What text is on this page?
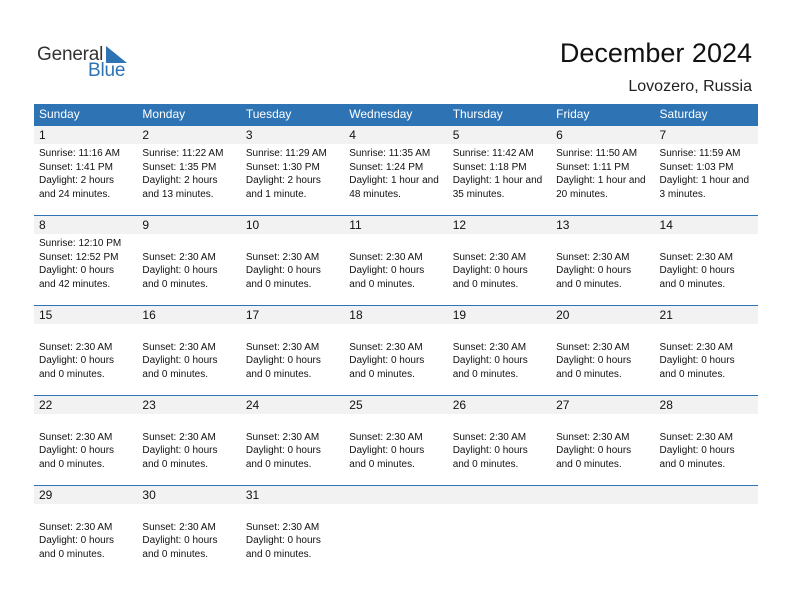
General
Blue
December 2024
Lovozero, Russia
Sunday	Monday	Tuesday	Wednesday	Thursday	Friday	Saturday
1	2	3	4	5	6	7
Sunrise: 11:16 AM
Sunset: 1:41 PM
Daylight: 2 hours
and 24 minutes.
Sunrise: 11:22 AM
Sunset: 1:35 PM
Daylight: 2 hours
and 13 minutes.
Sunrise: 11:29 AM
Sunset: 1:30 PM
Daylight: 2 hours
and 1 minute.
Sunrise: 11:35 AM
Sunset: 1:24 PM
Daylight: 1 hour and
48 minutes.
Sunrise: 11:42 AM
Sunset: 1:18 PM
Daylight: 1 hour and
35 minutes.
Sunrise: 11:50 AM
Sunset: 1:11 PM
Daylight: 1 hour and
20 minutes.
Sunrise: 11:59 AM
Sunset: 1:03 PM
Daylight: 1 hour and
3 minutes.
8	9	10	11	12	13	14
Sunrise: 12:10 PM
Sunset: 12:52 PM
Daylight: 0 hours
and 42 minutes.
Sunset: 2:30 AM
Daylight: 0 hours
and 0 minutes.
Sunset: 2:30 AM
Daylight: 0 hours
and 0 minutes.
Sunset: 2:30 AM
Daylight: 0 hours
and 0 minutes.
Sunset: 2:30 AM
Daylight: 0 hours
and 0 minutes.
Sunset: 2:30 AM
Daylight: 0 hours
and 0 minutes.
Sunset: 2:30 AM
Daylight: 0 hours
and 0 minutes.
15	16	17	18	19	20	21
Sunset: 2:30 AM
Daylight: 0 hours
and 0 minutes.
Sunset: 2:30 AM
Daylight: 0 hours
and 0 minutes.
Sunset: 2:30 AM
Daylight: 0 hours
and 0 minutes.
Sunset: 2:30 AM
Daylight: 0 hours
and 0 minutes.
Sunset: 2:30 AM
Daylight: 0 hours
and 0 minutes.
Sunset: 2:30 AM
Daylight: 0 hours
and 0 minutes.
Sunset: 2:30 AM
Daylight: 0 hours
and 0 minutes.
22	23	24	25	26	27	28
Sunset: 2:30 AM
Daylight: 0 hours
and 0 minutes.
Sunset: 2:30 AM
Daylight: 0 hours
and 0 minutes.
Sunset: 2:30 AM
Daylight: 0 hours
and 0 minutes.
Sunset: 2:30 AM
Daylight: 0 hours
and 0 minutes.
Sunset: 2:30 AM
Daylight: 0 hours
and 0 minutes.
Sunset: 2:30 AM
Daylight: 0 hours
and 0 minutes.
Sunset: 2:30 AM
Daylight: 0 hours
and 0 minutes.
29	30	31
Sunset: 2:30 AM
Daylight: 0 hours
and 0 minutes.
Sunset: 2:30 AM
Daylight: 0 hours
and 0 minutes.
Sunset: 2:30 AM
Daylight: 0 hours
and 0 minutes.
